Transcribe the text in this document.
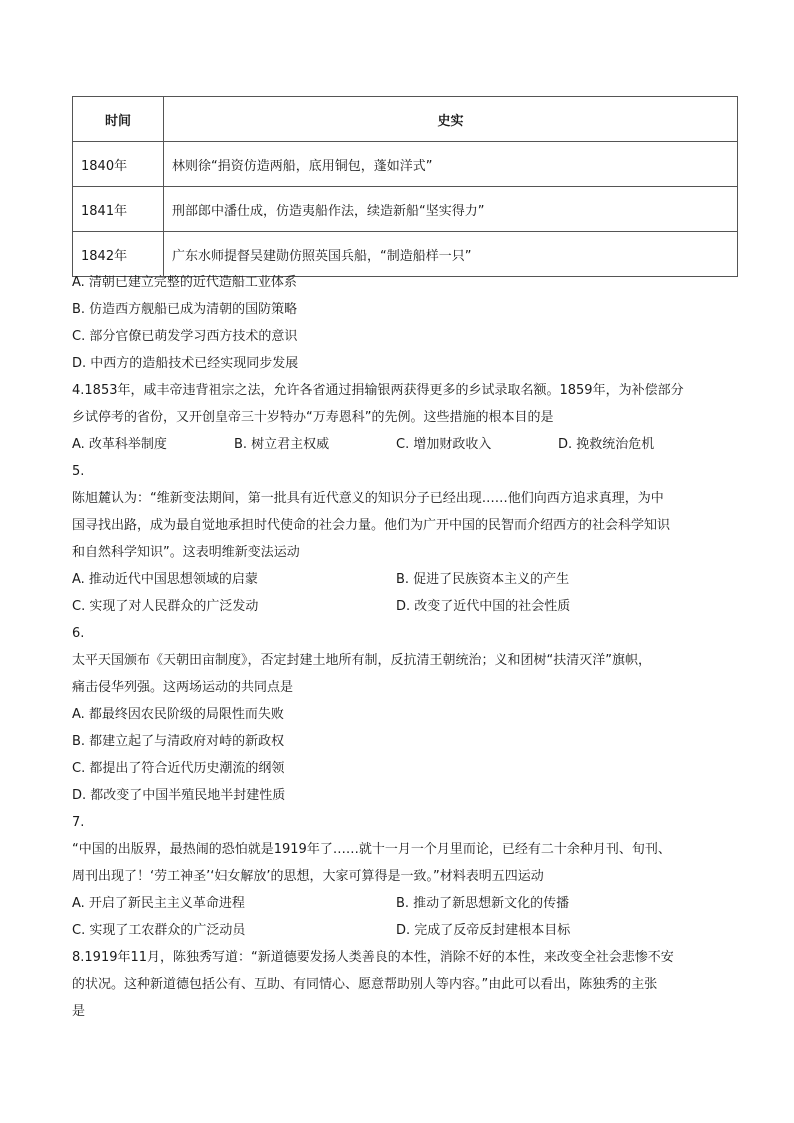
时间	史实
1840年	林则徐“捐资仿造两船，底用铜包，蓬如洋式”
1841年	刑部郎中潘仕成，仿造夷船作法，续造新船“坚实得力”
1842年	广东水师提督吴建勋仿照英国兵船，“制造船样一只”
A. 清朝已建立完整的近代造船工业体系
B. 仿造西方舰船已成为清朝的国防策略
C. 部分官僚已萌发学习西方技术的意识
D. 中西方的造船技术已经实现同步发展
4.1853年，咸丰帝违背祖宗之法，允许各省通过捐输银两获得更多的乡试录取名额。1859年，为补偿部分
乡试停考的省份，又开创皇帝三十岁特办“万寿恩科”的先例。这些措施的根本目的是
A. 改革科举制度	B. 树立君主权威	C. 增加财政收入	D. 挽救统治危机
5.
陈旭麓认为：“维新变法期间，第一批具有近代意义的知识分子已经出现……他们向西方追求真理，为中
国寻找出路，成为最自觉地承担时代使命的社会力量。他们为广开中国的民智而介绍西方的社会科学知识
和自然科学知识”。这表明维新变法运动
A. 推动近代中国思想领域的启蒙	B. 促进了民族资本主义的产生
C. 实现了对人民群众的广泛发动	D. 改变了近代中国的社会性质
6.
太平天国颁布《天朝田亩制度》，否定封建土地所有制，反抗清王朝统治；义和团树“扶清灭洋”旗帜，
痛击侵华列强。这两场运动的共同点是
A. 都最终因农民阶级的局限性而失败
B. 都建立起了与清政府对峙的新政权
C. 都提出了符合近代历史潮流的纲领
D. 都改变了中国半殖民地半封建性质
7.
“中国的出版界，最热闹的恐怕就是1919年了……就十一月一个月里而论，已经有二十余种月刊、旬刊、
周刊出现了！‘劳工神圣’‘妇女解放’的思想，大家可算得是一致。”材料表明五四运动
A. 开启了新民主主义革命进程	B. 推动了新思想新文化的传播
C. 实现了工农群众的广泛动员	D. 完成了反帝反封建根本目标
8.1919年11月，陈独秀写道：“新道德要发扬人类善良的本性，消除不好的本性，来改变全社会悲惨不安
的状况。这种新道德包括公有、互助、有同情心、愿意帮助别人等内容。”由此可以看出，陈独秀的主张
是
